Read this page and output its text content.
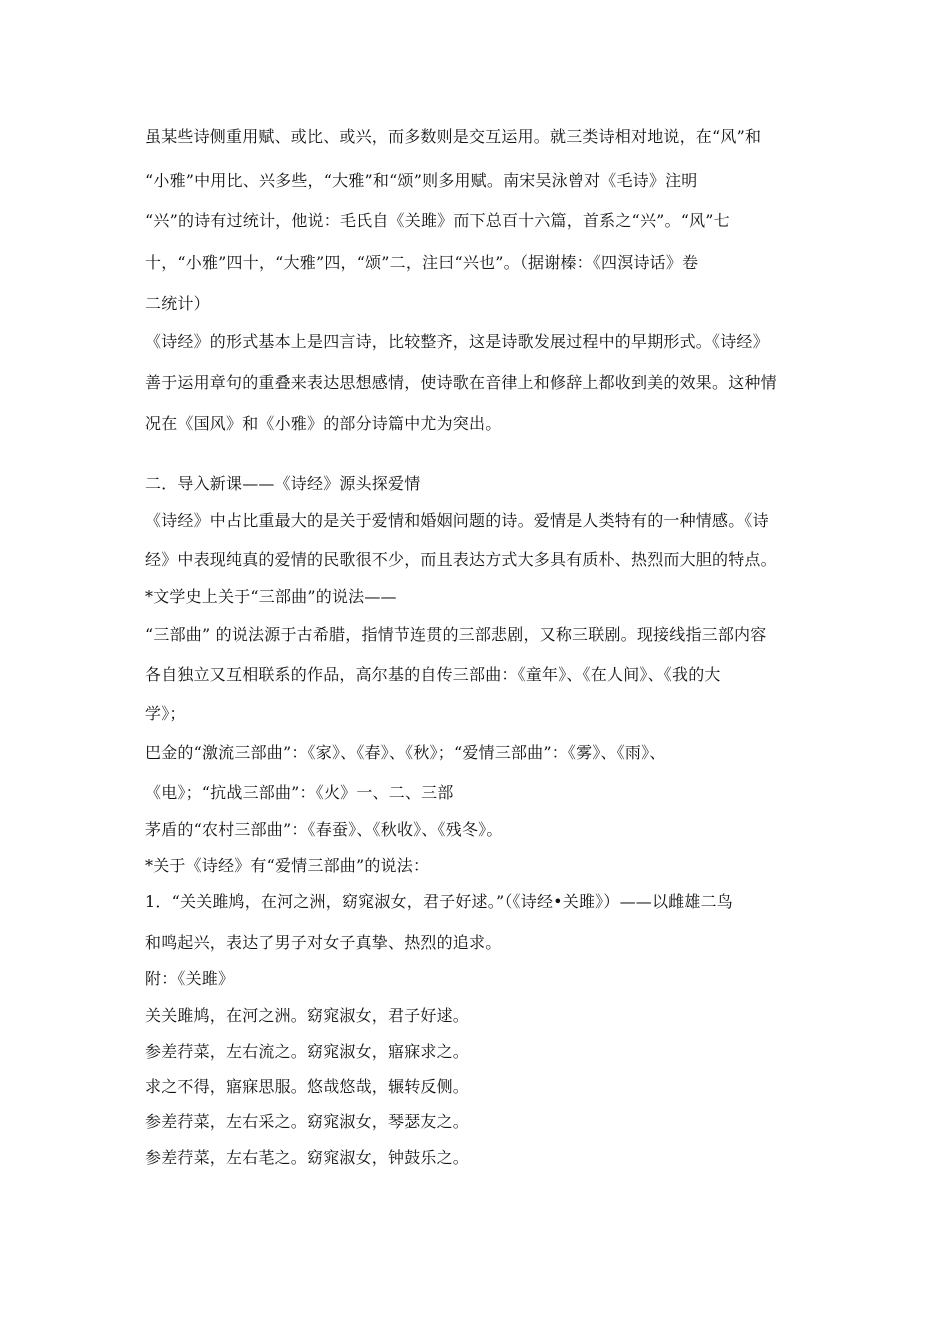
虽某些诗侧重用赋、或比、或兴，而多数则是交互运用。就三类诗相对地说，在“风”和
“小雅”中用比、兴多些，“大雅”和“颂”则多用赋。南宋吴泳曾对《毛诗》注明
“兴”的诗有过统计，他说：毛氏自《关雎》而下总百十六篇，首系之“兴”。“风”七
十，“小雅”四十，“大雅”四，“颂”二，注曰“兴也”。（据谢榛：《四溟诗话》卷
二统计）
《诗经》的形式基本上是四言诗，比较整齐，这是诗歌发展过程中的早期形式。《诗经》
善于运用章句的重叠来表达思想感情，使诗歌在音律上和修辞上都收到美的效果。这种情
况在《国风》和《小雅》的部分诗篇中尤为突出。
二．导入新课——《诗经》源头探爱情
《诗经》中占比重最大的是关于爱情和婚姻问题的诗。爱情是人类特有的一种情感。《诗
经》中表现纯真的爱情的民歌很不少，而且表达方式大多具有质朴、热烈而大胆的特点。
*文学史上关于“三部曲”的说法——
“三部曲” 的说法源于古希腊，指情节连贯的三部悲剧，又称三联剧。现接线指三部内容
各自独立又互相联系的作品，高尔基的自传三部曲：《童年》、《在人间》、《我的大
学》；
巴金的“激流三部曲”：《家》、《春》、《秋》；“爱情三部曲”：《雾》、《雨》、
《电》；“抗战三部曲”：《火》一、二、三部
茅盾的“农村三部曲”：《春蚕》、《秋收》、《残冬》。
*关于《诗经》有“爱情三部曲”的说法：
1．“关关雎鸠，在河之洲，窈窕淑女，君子好逑。”（《诗经•关雎》）——以雌雄二鸟
和鸣起兴，表达了男子对女子真挚、热烈的追求。
附：《关雎》
关关雎鸠，在河之洲。窈窕淑女，君子好逑。
参差荇菜，左右流之。窈窕淑女，寤寐求之。
求之不得，寤寐思服。悠哉悠哉，辗转反侧。
参差荇菜，左右采之。窈窕淑女，琴瑟友之。
参差荇菜，左右芼之。窈窕淑女，钟鼓乐之。
